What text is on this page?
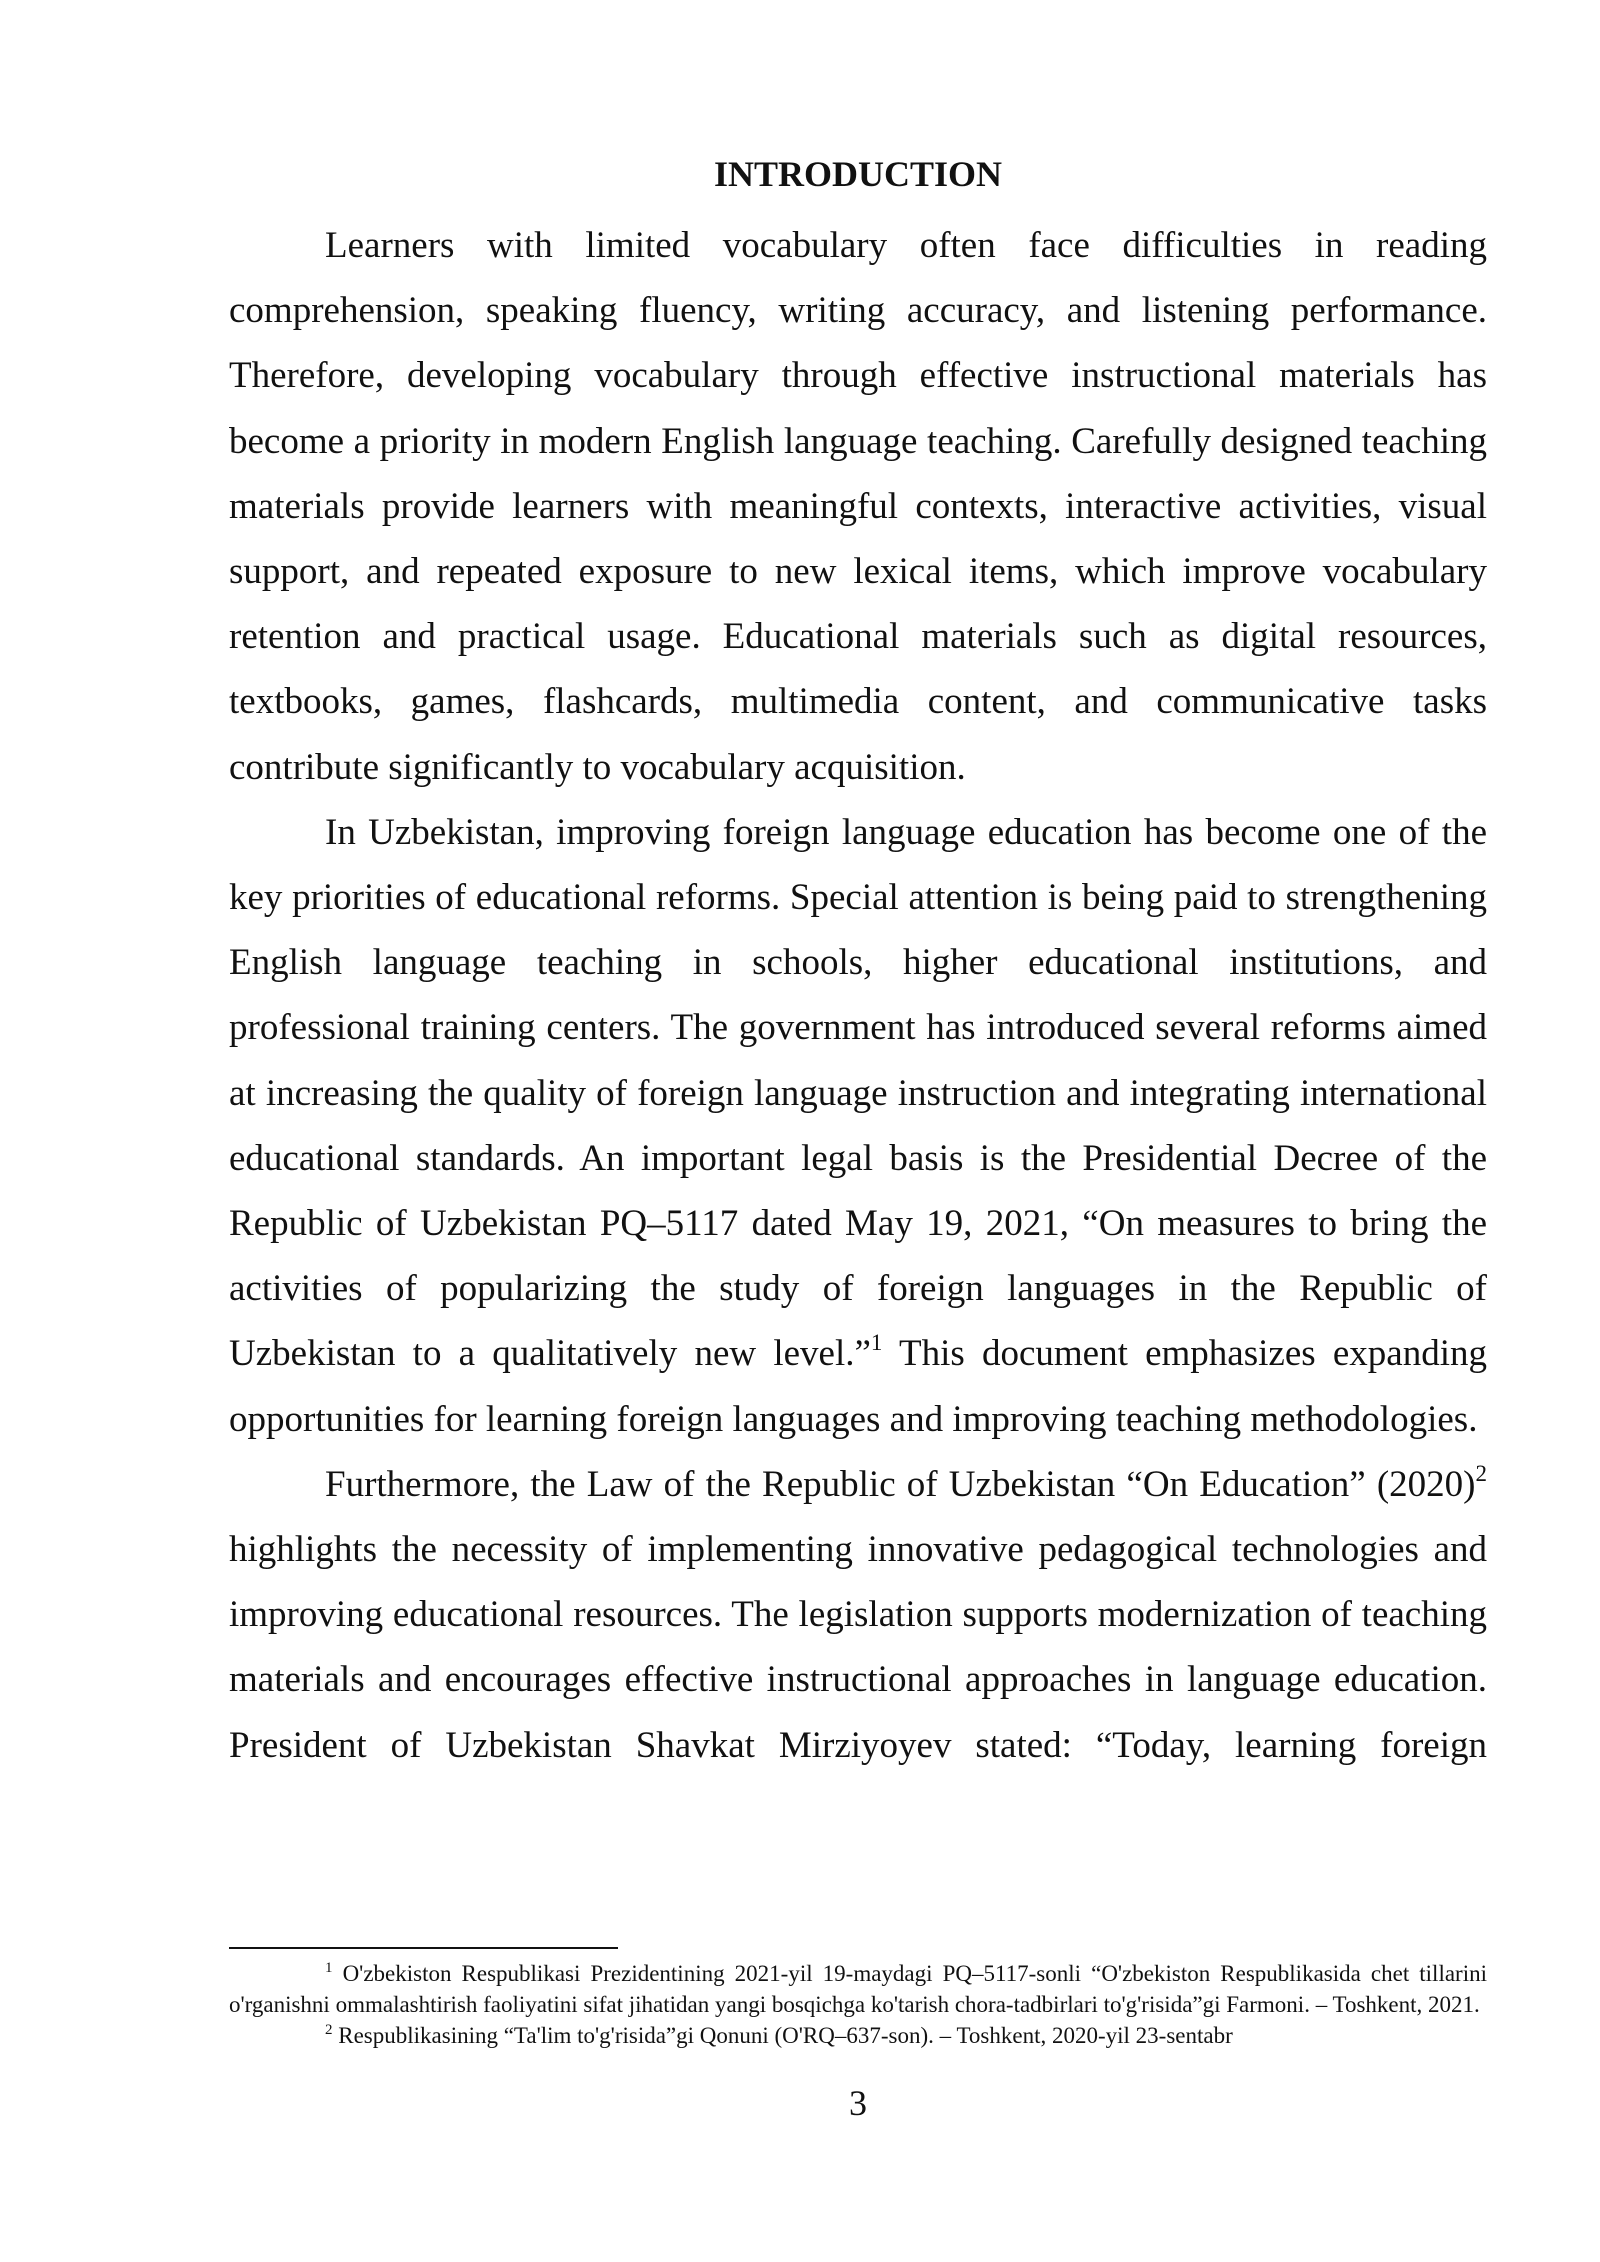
INTRODUCTION

Learners with limited vocabulary often face difficulties in reading comprehension, speaking fluency, writing accuracy, and listening performance. Therefore, developing vocabulary through effective instructional materials has become a priority in modern English language teaching. Carefully designed teaching materials provide learners with meaningful contexts, interactive activities, visual support, and repeated exposure to new lexical items, which improve vocabulary retention and practical usage. Educational materials such as digital resources, textbooks, games, flashcards, multimedia content, and communicative tasks contribute significantly to vocabulary acquisition.

In Uzbekistan, improving foreign language education has become one of the key priorities of educational reforms. Special attention is being paid to strengthening English language teaching in schools, higher educational institutions, and professional training centers. The government has introduced several reforms aimed at increasing the quality of foreign language instruction and integrating international educational standards. An important legal basis is the Presidential Decree of the Republic of Uzbekistan PQ–5117 dated May 19, 2021, “On measures to bring the activities of popularizing the study of foreign languages in the Republic of Uzbekistan to a qualitatively new level.”$^1$ This document emphasizes expanding opportunities for learning foreign languages and improving teaching methodologies.

Furthermore, the Law of the Republic of Uzbekistan “On Education” $(2020)^2$ highlights the necessity of implementing innovative pedagogical technologies and improving educational resources. The legislation supports modernization of teaching materials and encourages effective instructional approaches in language education. President of Uzbekistan Shavkat Mirziyoyev stated: “Today, learning foreign

$^1$ O'zbekiston Respublikasi Prezidentining 2021-yil 19-maydagi PQ–5117-sonli “O'zbekiston Respublikasida chet tillarini o'rganishni ommalashtirish faoliyatini sifat jihatidan yangi bosqichga ko'tarish chora-tadbirlari to'g'risida”gi Farmoni. – Toshkent, 2021.

$^2$ Respublikasining “Ta'lim to'g'risida”gi Qonuni (O'RQ–637-son). – Toshkent, 2020-yil 23-sentabr

3
